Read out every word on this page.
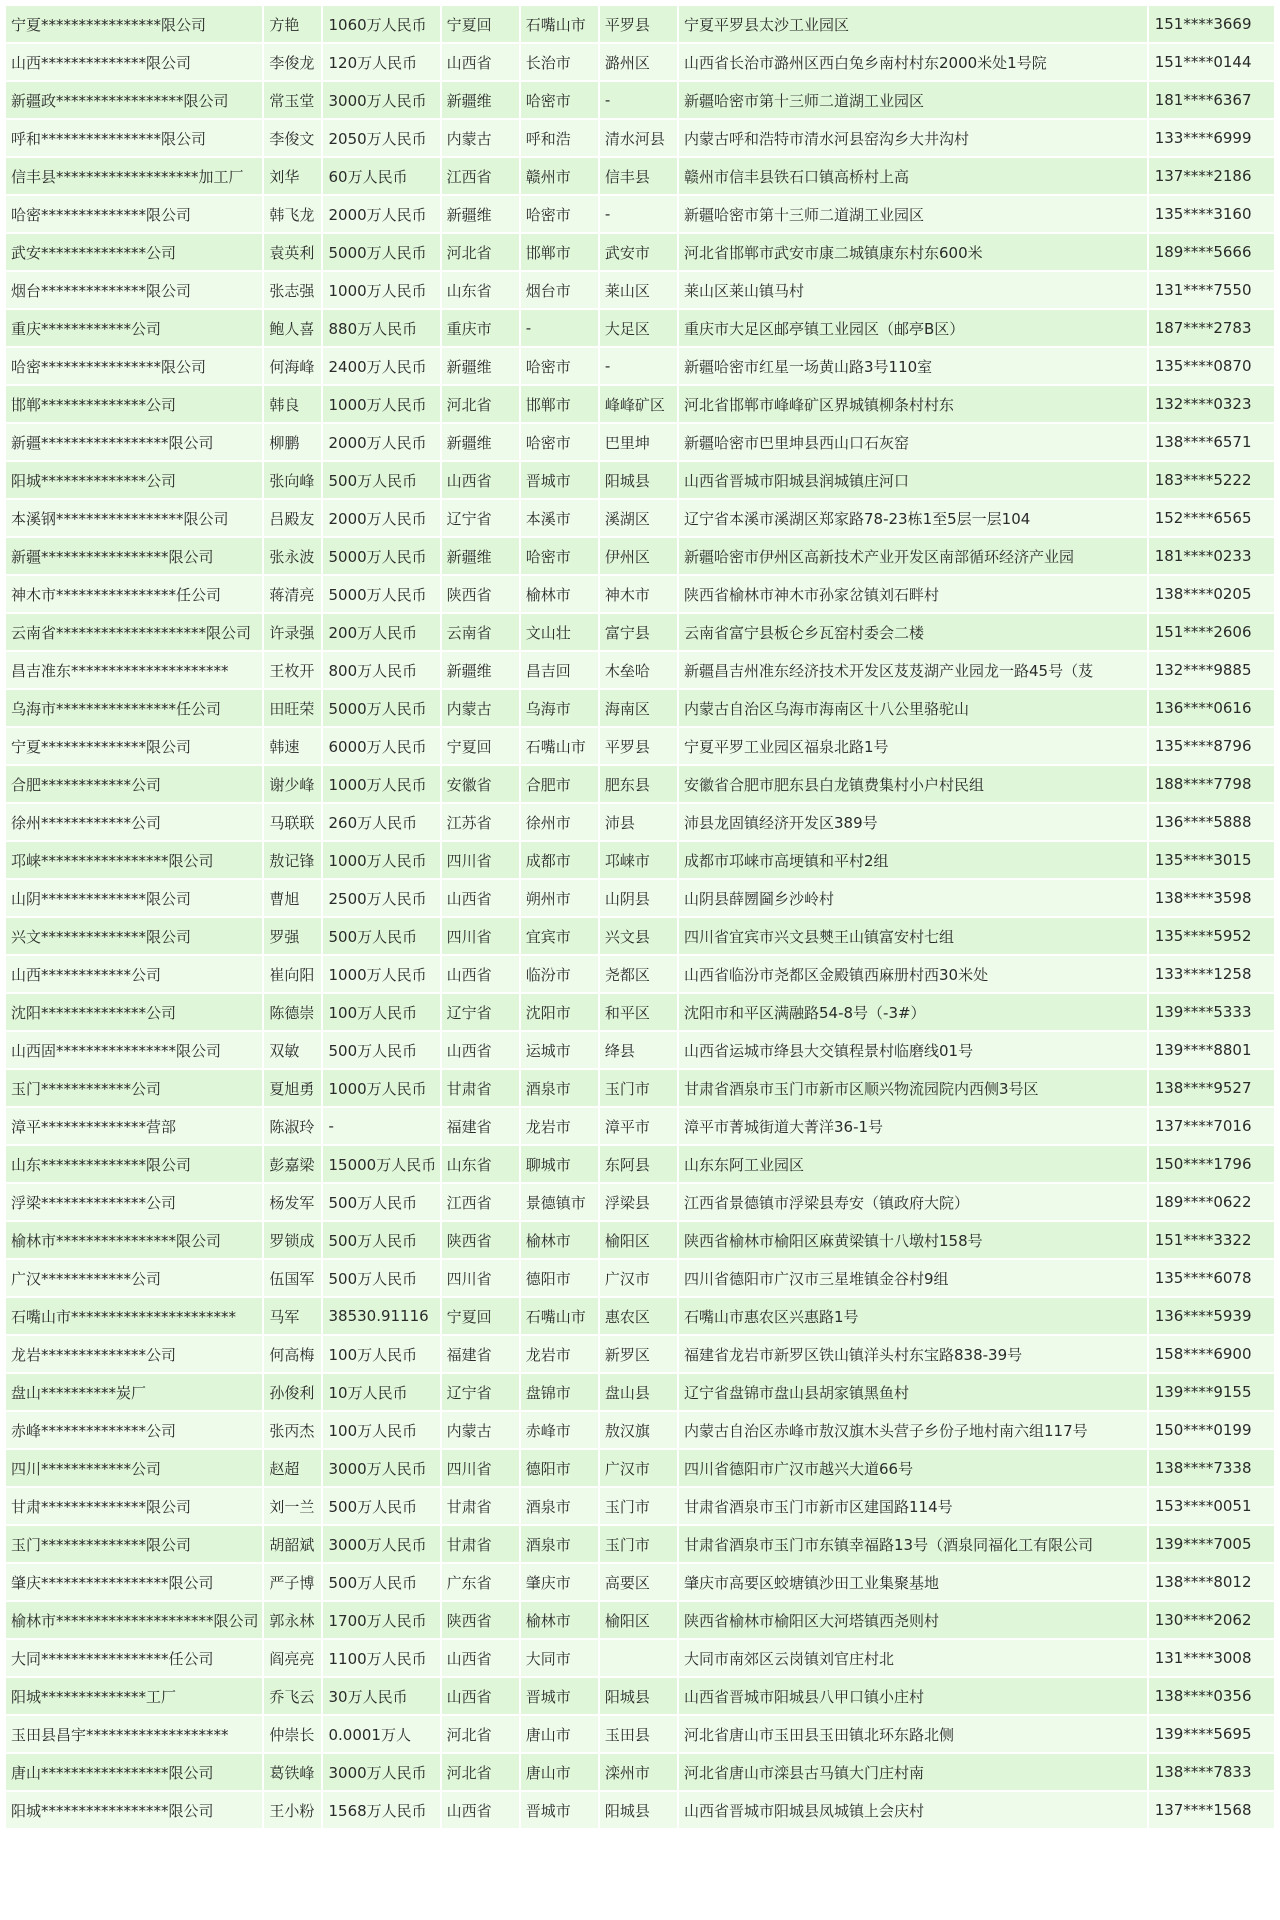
宁夏****************限公司	方艳	1060万人民币	宁夏回	石嘴山市	平罗县	宁夏平罗县太沙工业园区	151****3669
山西**************限公司	李俊龙	120万人民币	山西省	长治市	潞州区	山西省长治市潞州区西白兔乡南村村东2000米处1号院	151****0144
新疆政*****************限公司	常玉堂	3000万人民币	新疆维	哈密市	-	新疆哈密市第十三师二道湖工业园区	181****6367
呼和****************限公司	李俊文	2050万人民币	内蒙古	呼和浩	清水河县	内蒙古呼和浩特市清水河县窑沟乡大井沟村	133****6999
信丰县*******************加工厂	刘华	60万人民币	江西省	赣州市	信丰县	赣州市信丰县铁石口镇高桥村上高	137****2186
哈密**************限公司	韩飞龙	2000万人民币	新疆维	哈密市	-	新疆哈密市第十三师二道湖工业园区	135****3160
武安**************公司	袁英利	5000万人民币	河北省	邯郸市	武安市	河北省邯郸市武安市康二城镇康东村东600米	189****5666
烟台**************限公司	张志强	1000万人民币	山东省	烟台市	莱山区	莱山区莱山镇马村	131****7550
重庆************公司	鲍人喜	880万人民币	重庆市	-	大足区	重庆市大足区邮亭镇工业园区（邮亭B区）	187****2783
哈密****************限公司	何海峰	2400万人民币	新疆维	哈密市	-	新疆哈密市红星一场黄山路3号110室	135****0870
邯郸**************公司	韩良	1000万人民币	河北省	邯郸市	峰峰矿区	河北省邯郸市峰峰矿区界城镇柳条村村东	132****0323
新疆*****************限公司	柳鹏	2000万人民币	新疆维	哈密市	巴里坤	新疆哈密市巴里坤县西山口石灰窑	138****6571
阳城**************公司	张向峰	500万人民币	山西省	晋城市	阳城县	山西省晋城市阳城县润城镇庄河口	183****5222
本溪钢*****************限公司	吕殿友	2000万人民币	辽宁省	本溪市	溪湖区	辽宁省本溪市溪湖区郑家路78-23栋1至5层一层104	152****6565
新疆*****************限公司	张永波	5000万人民币	新疆维	哈密市	伊州区	新疆哈密市伊州区高新技术产业开发区南部循环经济产业园	181****0233
神木市****************任公司	蒋清亮	5000万人民币	陕西省	榆林市	神木市	陕西省榆林市神木市孙家岔镇刘石畔村	138****0205
云南省********************限公司	许录强	200万人民币	云南省	文山壮	富宁县	云南省富宁县板仑乡瓦窑村委会二楼	151****2606
昌吉准东*********************	王枚开	800万人民币	新疆维	昌吉回	木垒哈	新疆昌吉州准东经济技术开发区芨芨湖产业园龙一路45号（芨	132****9885
乌海市****************任公司	田旺荣	5000万人民币	内蒙古	乌海市	海南区	内蒙古自治区乌海市海南区十八公里骆驼山	136****0616
宁夏**************限公司	韩速	6000万人民币	宁夏回	石嘴山市	平罗县	宁夏平罗工业园区福泉北路1号	135****8796
合肥************公司	谢少峰	1000万人民币	安徽省	合肥市	肥东县	安徽省合肥市肥东县白龙镇费集村小户村民组	188****7798
徐州************公司	马联联	260万人民币	江苏省	徐州市	沛县	沛县龙固镇经济开发区389号	136****5888
邛崃*****************限公司	敖记锋	1000万人民币	四川省	成都市	邛崃市	成都市邛崃市高埂镇和平村2组	135****3015
山阴**************限公司	曹旭	2500万人民币	山西省	朔州市	山阴县	山阴县薛圐圙乡沙岭村	138****3598
兴文**************限公司	罗强	500万人民币	四川省	宜宾市	兴文县	四川省宜宾市兴文县僰王山镇富安村七组	135****5952
山西************公司	崔向阳	1000万人民币	山西省	临汾市	尧都区	山西省临汾市尧都区金殿镇西麻册村西30米处	133****1258
沈阳**************公司	陈德崇	100万人民币	辽宁省	沈阳市	和平区	沈阳市和平区满融路54-8号（-3#）	139****5333
山西固****************限公司	双敏	500万人民币	山西省	运城市	绛县	山西省运城市绛县大交镇程景村临磨线01号	139****8801
玉门************公司	夏旭勇	1000万人民币	甘肃省	酒泉市	玉门市	甘肃省酒泉市玉门市新市区顺兴物流园院内西侧3号区	138****9527
漳平**************营部	陈淑玲	-	福建省	龙岩市	漳平市	漳平市菁城街道大菁洋36-1号	137****7016
山东**************限公司	彭嘉梁	15000万人民币	山东省	聊城市	东阿县	山东东阿工业园区	150****1796
浮梁**************公司	杨发军	500万人民币	江西省	景德镇市	浮梁县	江西省景德镇市浮梁县寿安（镇政府大院）	189****0622
榆林市****************限公司	罗锁成	500万人民币	陕西省	榆林市	榆阳区	陕西省榆林市榆阳区麻黄梁镇十八墩村158号	151****3322
广汉************公司	伍国军	500万人民币	四川省	德阳市	广汉市	四川省德阳市广汉市三星堆镇金谷村9组	135****6078
石嘴山市**********************	马军	38530.91116	宁夏回	石嘴山市	惠农区	石嘴山市惠农区兴惠路1号	136****5939
龙岩**************公司	何高梅	100万人民币	福建省	龙岩市	新罗区	福建省龙岩市新罗区铁山镇洋头村东宝路838-39号	158****6900
盘山**********炭厂	孙俊利	10万人民币	辽宁省	盘锦市	盘山县	辽宁省盘锦市盘山县胡家镇黑鱼村	139****9155
赤峰**************公司	张丙杰	100万人民币	内蒙古	赤峰市	敖汉旗	内蒙古自治区赤峰市敖汉旗木头营子乡份子地村南六组117号	150****0199
四川************公司	赵超	3000万人民币	四川省	德阳市	广汉市	四川省德阳市广汉市越兴大道66号	138****7338
甘肃**************限公司	刘一兰	500万人民币	甘肃省	酒泉市	玉门市	甘肃省酒泉市玉门市新市区建国路114号	153****0051
玉门**************限公司	胡韶斌	3000万人民币	甘肃省	酒泉市	玉门市	甘肃省酒泉市玉门市东镇幸福路13号（酒泉同福化工有限公司	139****7005
肇庆*****************限公司	严子博	500万人民币	广东省	肇庆市	高要区	肇庆市高要区蛟塘镇沙田工业集聚基地	138****8012
榆林市*********************限公司	郭永林	1700万人民币	陕西省	榆林市	榆阳区	陕西省榆林市榆阳区大河塔镇西尧则村	130****2062
大同*****************任公司	阎亮亮	1100万人民币	山西省	大同市		大同市南郊区云岗镇刘官庄村北	131****3008
阳城**************工厂	乔飞云	30万人民币	山西省	晋城市	阳城县	山西省晋城市阳城县八甲口镇小庄村	138****0356
玉田县昌宇*******************	仲崇长	0.0001万人	河北省	唐山市	玉田县	河北省唐山市玉田县玉田镇北环东路北侧	139****5695
唐山*****************限公司	葛铁峰	3000万人民币	河北省	唐山市	滦州市	河北省唐山市滦县古马镇大门庄村南	138****7833
阳城*****************限公司	王小粉	1568万人民币	山西省	晋城市	阳城县	山西省晋城市阳城县凤城镇上会庆村	137****1568
